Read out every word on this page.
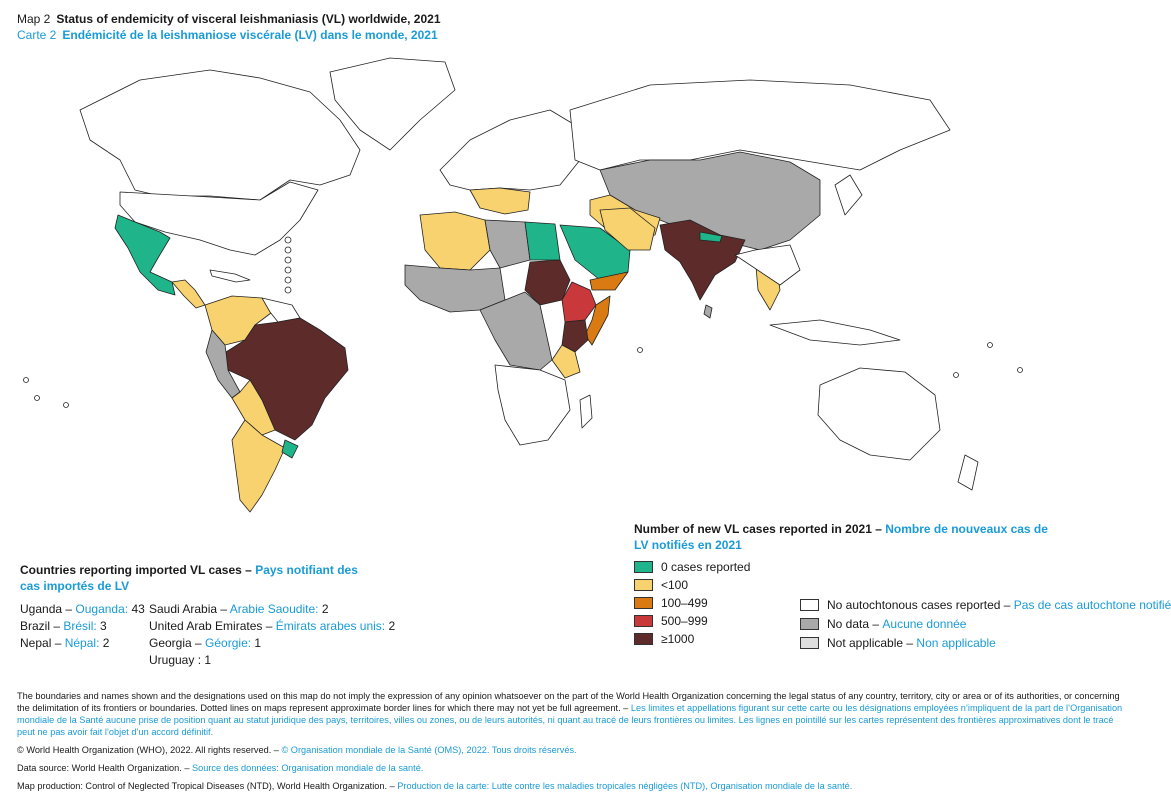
Map 2 Status of endemicity of visceral leishmaniasis (VL) worldwide, 2021
Carte 2 Endémicité de la leishmaniose viscérale (LV) dans le monde, 2021
Number of new VL cases reported in 2021 – Nombre de nouveaux cas de LV notifiés en 2021
0 cases reported
<100
100–499
500–999
≥1000
No autochtonous cases reported –
Pas de cas autochtone notifié
No data –
Aucune donnée
Not applicable –
Non applicable
Countries reporting imported VL cases – Pays notifiant des cas importés de LV
Uganda – Ouganda: 43
Brazil – Brésil: 3
Nepal – Népal: 2
Saudi Arabia – Arabie Saoudite: 2
United Arab Emirates – Émirats arabes unis: 2
Georgia – Géorgie: 1
Uruguay : 1

The boundaries and names shown and the designations used on this map do not imply the expression of any opinion whatsoever on the part of the World Health Organization concerning the legal status of any country, territory, city or area or of its authorities, or concerning the delimitation of its frontiers or boundaries. Dotted lines on maps represent approximate border lines for which there may not yet be full agreement. – Les limites et appellations figurant sur cette carte ou les désignations employées n’impliquent de la part de l’Organisation mondiale de la Santé aucune prise de position quant au statut juridique des pays, territoires, villes ou zones, ou de leurs autorités, ni quant au tracé de leurs frontières ou limites. Les lignes en pointillé sur les cartes représentent des frontières approximatives dont le tracé peut ne pas avoir fait l’objet d’un accord définitif.

© World Health Organization (WHO), 2022. All rights reserved. – © Organisation mondiale de la Santé (OMS), 2022. Tous droits réservés.

Data source: World Health Organization. – Source des données: Organisation mondiale de la santé.

Map production: Control of Neglected Tropical Diseases (NTD), World Health Organization. – Production de la carte: Lutte contre les maladies tropicales négligées (NTD), Organisation mondiale de la santé.
